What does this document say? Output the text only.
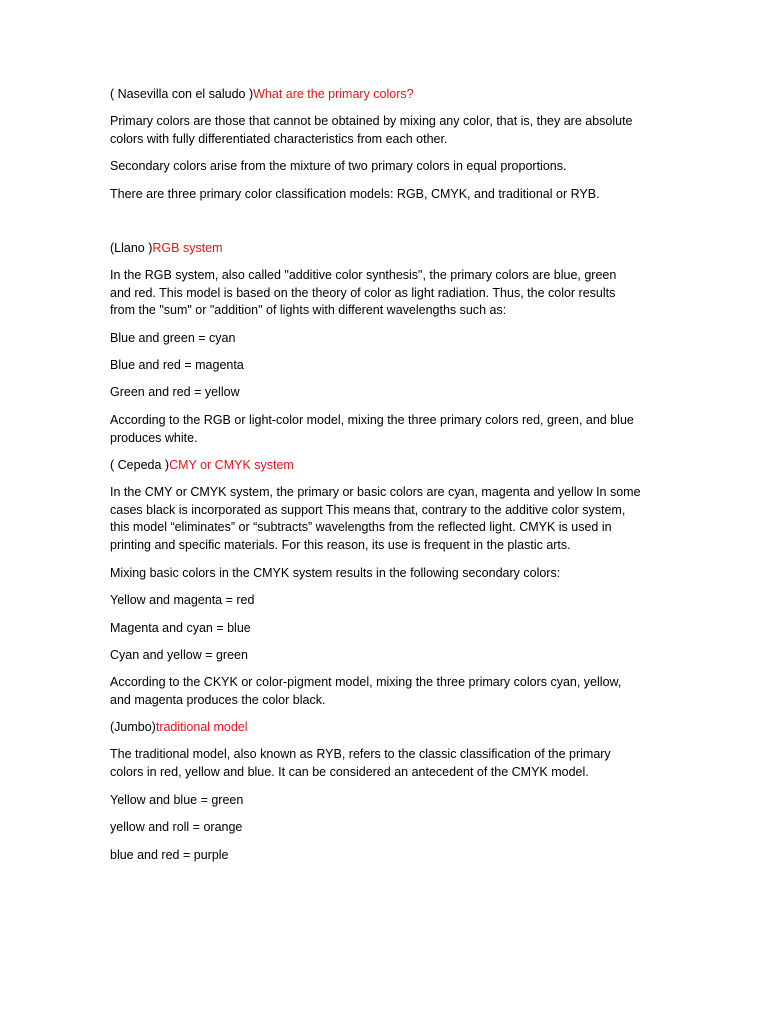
( Nasevilla con el saludo )What are the primary colors?
Primary colors are those that cannot be obtained by mixing any color, that is, they are absolute
colors with fully differentiated characteristics from each other.
Secondary colors arise from the mixture of two primary colors in equal proportions.
There are three primary color classification models: RGB, CMYK, and traditional or RYB.
(Llano )RGB system
In the RGB system, also called "additive color synthesis", the primary colors are blue, green
and red. This model is based on the theory of color as light radiation. Thus, the color results
from the "sum" or "addition" of lights with different wavelengths such as:
Blue and green = cyan
Blue and red = magenta
Green and red = yellow
According to the RGB or light-color model, mixing the three primary colors red, green, and blue
produces white.
( Cepeda )CMY or CMYK system
In the CMY or CMYK system, the primary or basic colors are cyan, magenta and yellow In some
cases black is incorporated as support This means that, contrary to the additive color system,
this model “eliminates” or “subtracts” wavelengths from the reflected light. CMYK is used in
printing and specific materials. For this reason, its use is frequent in the plastic arts.
Mixing basic colors in the CMYK system results in the following secondary colors:
Yellow and magenta = red
Magenta and cyan = blue
Cyan and yellow = green
According to the CKYK or color-pigment model, mixing the three primary colors cyan, yellow,
and magenta produces the color black.
(Jumbo)traditional model
The traditional model, also known as RYB, refers to the classic classification of the primary
colors in red, yellow and blue. It can be considered an antecedent of the CMYK model.
Yellow and blue = green
yellow and roll = orange
blue and red = purple
